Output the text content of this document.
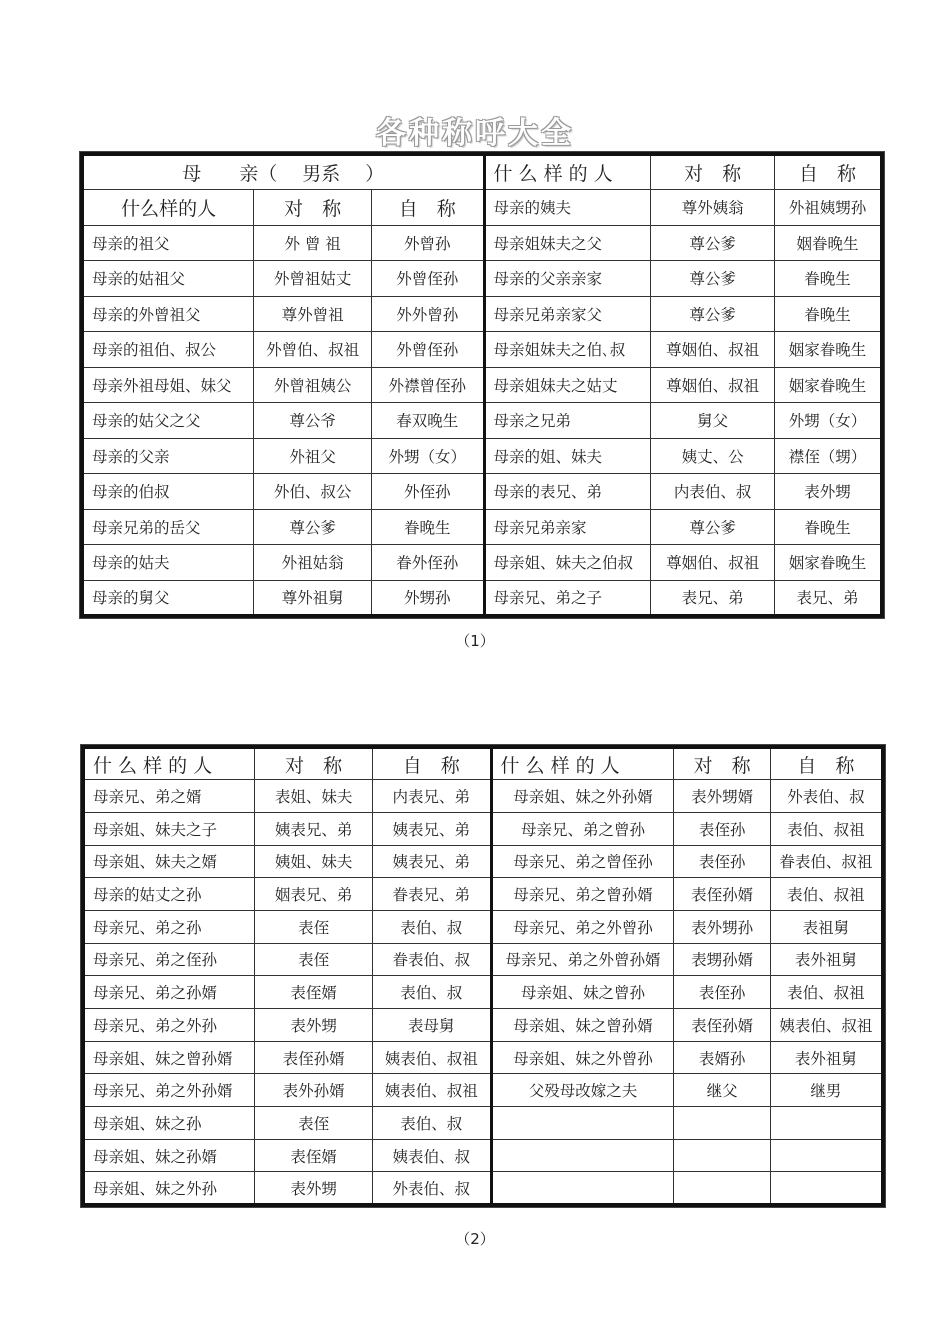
各种称呼大全
母　　亲（　 男系　 ）			什 么 样 的 人	对　称	自　称
什么样的人	对　称	自　称	母亲的姨夫	尊外姨翁	外祖姨甥孙
母亲的祖父	外 曾 祖	外曾孙	母亲姐妹夫之父	尊公爹	姻眷晚生
母亲的姑祖父	外曾祖姑丈	外曾侄孙	母亲的父亲亲家	尊公爹	眷晚生
母亲的外曾祖父	尊外曾祖	外外曾孙	母亲兄弟亲家父	尊公爹	眷晚生
母亲的祖伯、叔公	外曾伯、叔祖	外曾侄孙	母亲姐妹夫之伯､叔	尊姻伯、叔祖	姻家眷晚生
母亲外祖母姐、妹父	外曾祖姨公	外襟曾侄孙	母亲姐妹夫之姑丈	尊姻伯、叔祖	姻家眷晚生
母亲的姑父之父	尊公爷	春双晚生	母亲之兄弟	舅父	外甥（女）
母亲的父亲	外祖父	外甥（女）	母亲的姐、妹夫	姨丈、公	襟侄（甥）
母亲的伯叔	外伯、叔公	外侄孙	母亲的表兄、弟	内表伯、叔	表外甥
母亲兄弟的岳父	尊公爹	眷晚生	母亲兄弟亲家	尊公爹	眷晚生
母亲的姑夫	外祖姑翁	眷外侄孙	母亲姐、妹夫之伯叔	尊姻伯、叔祖	姻家眷晚生
母亲的舅父	尊外祖舅	外甥孙	母亲兄、弟之子	表兄、弟	表兄、弟
（1）
什 么 样 的 人	对　称	自　称	什 么 样 的 人	对　称	自　称
母亲兄、弟之婿	表姐、妹夫	内表兄、弟	母亲姐、妹之外孙婿	表外甥婿	外表伯、叔
母亲姐、妹夫之子	姨表兄、弟	姨表兄、弟	母亲兄、弟之曾孙	表侄孙	表伯、叔祖
母亲姐、妹夫之婿	姨姐、妹夫	姨表兄、弟	母亲兄、弟之曾侄孙	表侄孙	眷表伯、叔祖
母亲的姑丈之孙	姻表兄、弟	眷表兄、弟	母亲兄、弟之曾孙婿	表侄孙婿	表伯、叔祖
母亲兄、弟之孙	表侄	表伯、叔	母亲兄、弟之外曾孙	表外甥孙	表祖舅
母亲兄、弟之侄孙	表侄	眷表伯、叔	母亲兄、弟之外曾孙婿	表甥孙婿	表外祖舅
母亲兄、弟之孙婿	表侄婿	表伯、叔	母亲姐、妹之曾孙	表侄孙	表伯、叔祖
母亲兄、弟之外孙	表外甥	表母舅	母亲姐、妹之曾孙婿	表侄孙婿	姨表伯、叔祖
母亲姐、妹之曾孙婿	表侄孙婿	姨表伯、叔祖	母亲姐、妹之外曾孙	表婿孙	表外祖舅
母亲兄、弟之外孙婿	表外孙婿	姨表伯、叔祖	父殁母改嫁之夫	继父	继男
母亲姐、妹之孙	表侄	表伯、叔			
母亲姐、妹之孙婿	表侄婿	姨表伯、叔			
母亲姐、妹之外孙	表外甥	外表伯、叔			
（2）
